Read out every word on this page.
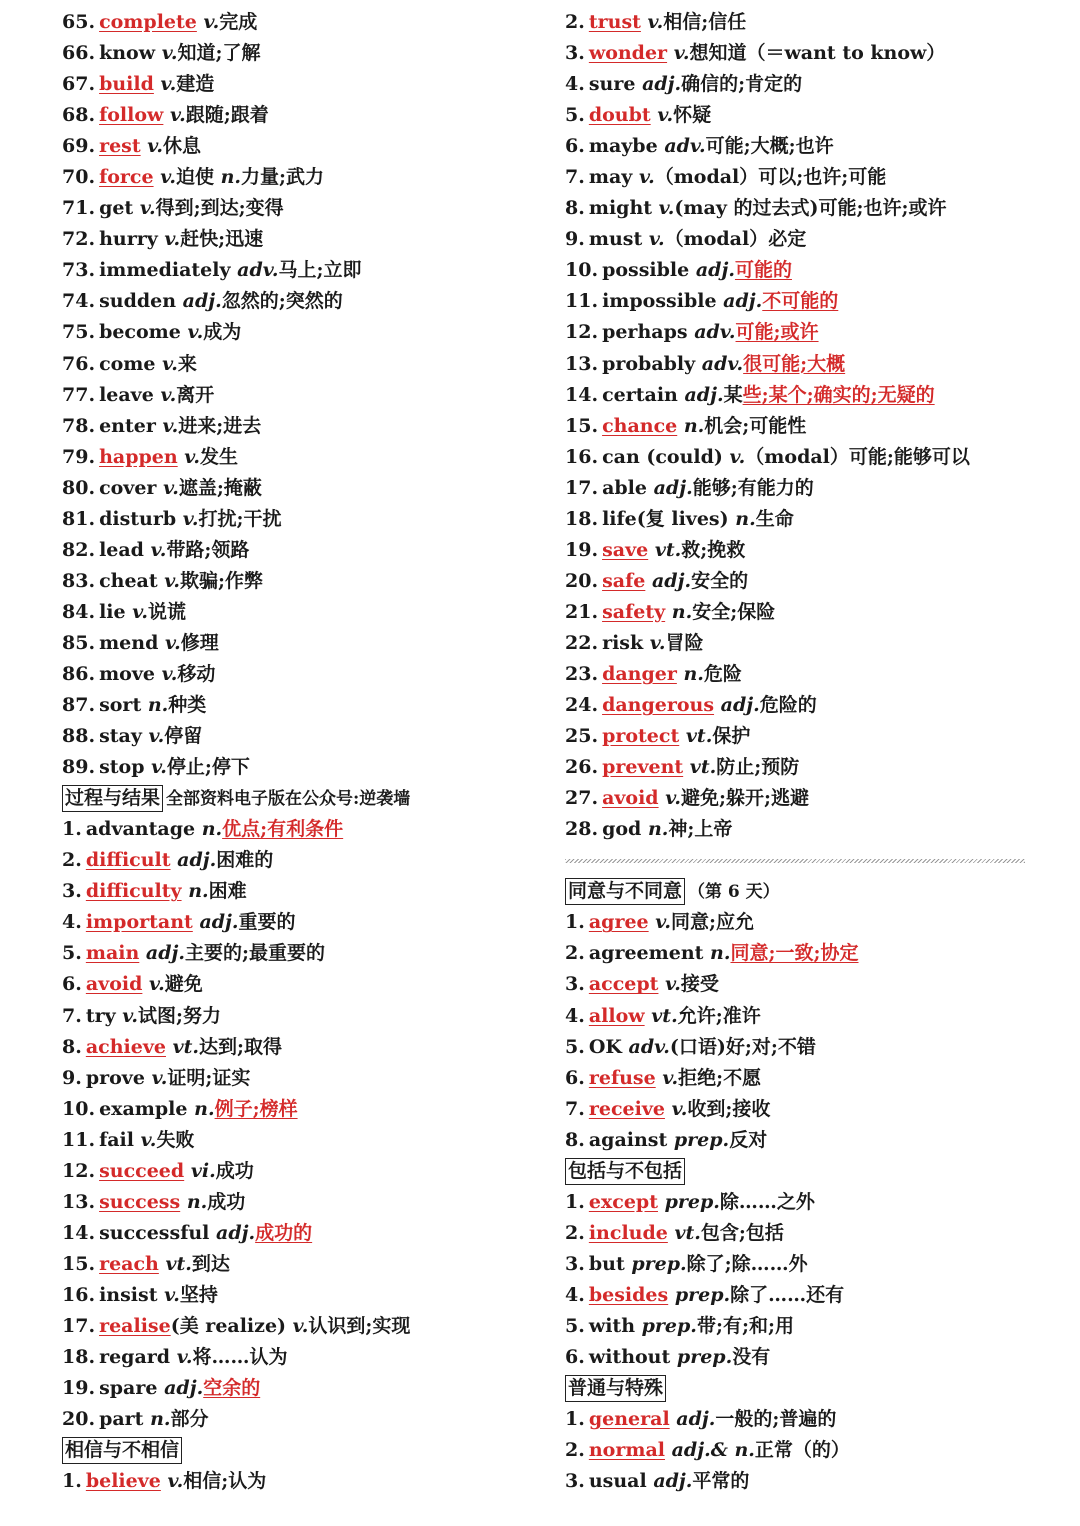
65. complete v.完成
66. know v.知道;了解
67. build v.建造
68. follow v.跟随;跟着
69. rest v.休息
70. force v.迫使 n.力量;武力
71. get v.得到;到达;变得
72. hurry v.赶快;迅速
73. immediately adv.马上;立即
74. sudden adj.忽然的;突然的
75. become v.成为
76. come v.来
77. leave v.离开
78. enter v.进来;进去
79. happen v.发生
80. cover v.遮盖;掩蔽
81. disturb v.打扰;干扰
82. lead v.带路;领路
83. cheat v.欺骗;作弊
84. lie v.说谎
85. mend v.修理
86. move v.移动
87. sort n.种类
88. stay v.停留
89. stop v.停止;停下
过程与结果 全部资料电子版在公众号:逆袭墙
1. advantage n.优点;有利条件
2. difficult adj.困难的
3. difficulty n.困难
4. important adj.重要的
5. main adj.主要的;最重要的
6. avoid v.避免
7. try v.试图;努力
8. achieve vt.达到;取得
9. prove v.证明;证实
10. example n.例子;榜样
11. fail v.失败
12. succeed vi.成功
13. success n.成功
14. successful adj.成功的
15. reach vt.到达
16. insist v.坚持
17. realise(美 realize) v.认识到;实现
18. regard v.将……认为
19. spare adj.空余的
20. part n.部分
相信与不相信
1. believe v.相信;认为
2. trust v.相信;信任
3. wonder v.想知道（＝want to know）
4. sure adj.确信的;肯定的
5. doubt v.怀疑
6. maybe adv.可能;大概;也许
7. may v.（modal）可以;也许;可能
8. might v.(may 的过去式)可能;也许;或许
9. must v.（modal）必定
10. possible adj.可能的
11. impossible adj.不可能的
12. perhaps adv.可能;或许
13. probably adv.很可能;大概
14. certain adj.某些;某个;确实的;无疑的
15. chance n.机会;可能性
16. can (could) v.（modal）可能;能够可以
17. able adj.能够;有能力的
18. life(复 lives) n.生命
19. save vt.救;挽救
20. safe adj.安全的
21. safety n.安全;保险
22. risk v.冒险
23. danger n.危险
24. dangerous adj.危险的
25. protect vt.保护
26. prevent vt.防止;预防
27. avoid v.避免;躲开;逃避
28. god n.神;上帝
同意与不同意 （第 6 天）
1. agree v.同意;应允
2. agreement n.同意;一致;协定
3. accept v.接受
4. allow vt.允许;准许
5. OK adv.(口语)好;对;不错
6. refuse v.拒绝;不愿
7. receive v.收到;接收
8. against prep.反对
包括与不包括
1. except prep.除……之外
2. include vt.包含;包括
3. but prep.除了;除……外
4. besides prep.除了……还有
5. with prep.带;有;和;用
6. without prep.没有
普通与特殊
1. general adj.一般的;普遍的
2. normal adj.& n.正常（的）
3. usual adj.平常的
